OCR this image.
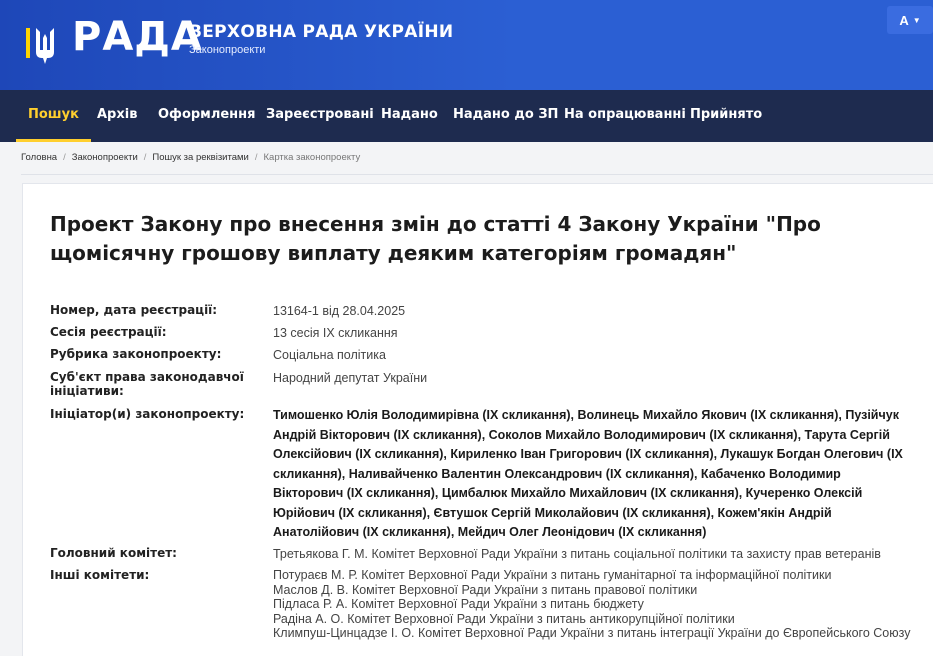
РАДА
ВЕРХОВНА РАДА УКРАЇНИ
Законопроекти
A ▼
Пошук Архів Оформлення Зареєстровані Надано Надано до ЗП На опрацюванні Прийнято
Головна / Законопроекти / Пошук за реквізитами / Картка законопроекту
Проект Закону про внесення змін до статті 4 Закону України "Про щомісячну грошову виплату деяким категоріям громадян"
Номер, дата реєстрації:	13164-1 від 28.04.2025
Сесія реєстрації:	13 сесія IX скликання
Рубрика законопроекту:	Соціальна політика
Суб'єкт права законодавчої ініціативи:
Народний депутат України
Ініціатор(и) законопроекту:	Тимошенко Юлія Володимирівна (IX скликання), Волинець Михайло Якович (IX скликання), Пузійчук Андрій Вікторович (IX скликання), Соколов Михайло Володимирович (IX скликання), Тарута Сергій Олексійович (IX скликання), Кириленко Іван Григорович (IX скликання), Лукашук Богдан Олегович (IX скликання), Наливайченко Валентин Олександрович (IX скликання), Кабаченко Володимир Вікторович (IX скликання), Цимбалюк Михайло Михайлович (IX скликання), Кучеренко Олексій Юрійович (IX скликання), Євтушок Сергій Миколайович (IX скликання), Кожем'якін Андрій Анатолійович (IX скликання), Мейдич Олег Леонідович (IX скликання)
Головний комітет:	Третьякова Г. М. Комітет Верховної Ради України з питань соціальної політики та захисту прав ветеранів
Інші комітети:	Потураєв М. Р. Комітет Верховної Ради України з питань гуманітарної та інформаційної політики
Маслов Д. В. Комітет Верховної Ради України з питань правової політики
Підласа Р. А. Комітет Верховної Ради України з питань бюджету
Радіна А. О. Комітет Верховної Ради України з питань антикорупційної політики
Климпуш-Цинцадзе І. О. Комітет Верховної Ради України з питань інтеграції України до Європейського Союзу
